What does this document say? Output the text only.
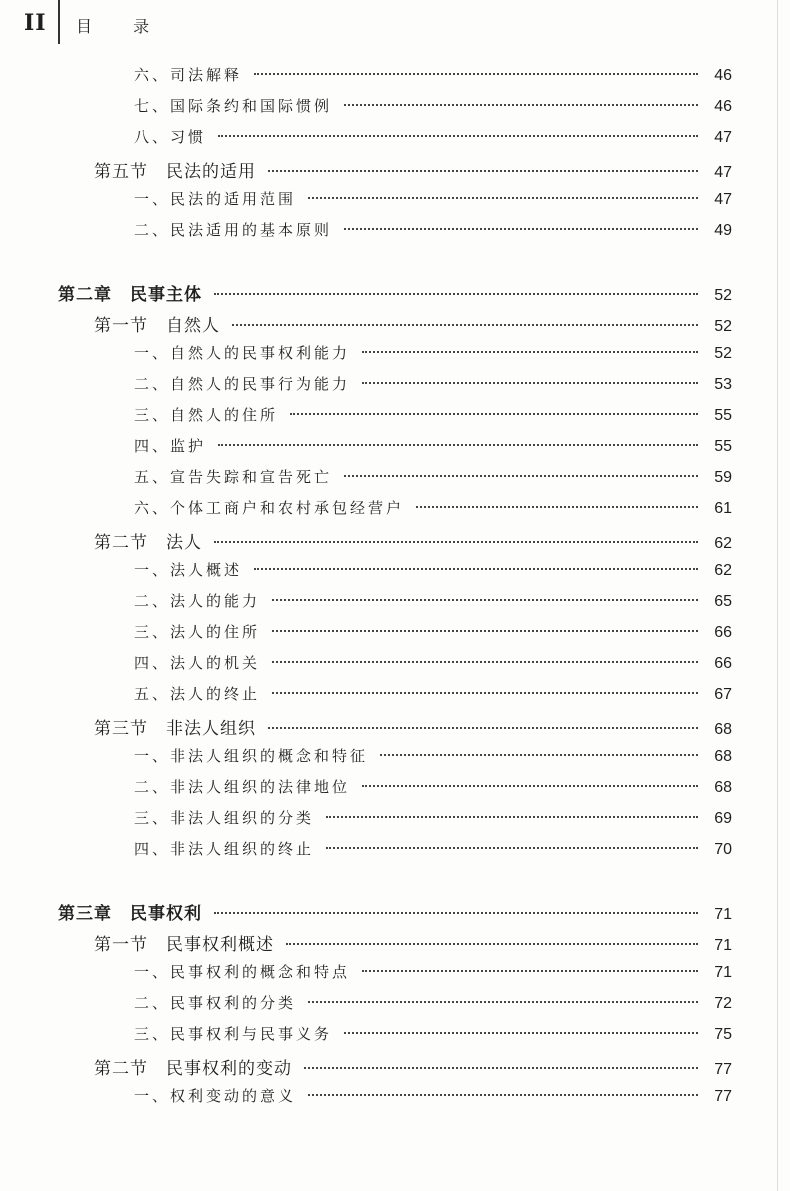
II 目 录
六、司法解释	46
七、国际条约和国际惯例	46
八、习惯	47
第五节　民法的适用	47
一、民法的适用范围	47
二、民法适用的基本原则	49
第二章　民事主体	52
第一节　自然人	52
一、自然人的民事权利能力	52
二、自然人的民事行为能力	53
三、自然人的住所	55
四、监护	55
五、宣告失踪和宣告死亡	59
六、个体工商户和农村承包经营户	61
第二节　法人	62
一、法人概述	62
二、法人的能力	65
三、法人的住所	66
四、法人的机关	66
五、法人的终止	67
第三节　非法人组织	68
一、非法人组织的概念和特征	68
二、非法人组织的法律地位	68
三、非法人组织的分类	69
四、非法人组织的终止	70
第三章　民事权利	71
第一节　民事权利概述	71
一、民事权利的概念和特点	71
二、民事权利的分类	72
三、民事权利与民事义务	75
第二节　民事权利的变动	77
一、权利变动的意义	77
